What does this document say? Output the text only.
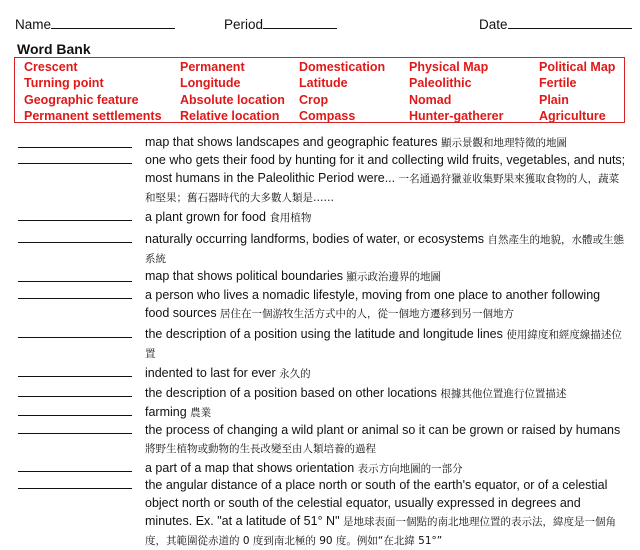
Name	Period	Date
Word Bank
Crescent
Turning point
Geographic feature
Permanent settlements
Permanent
Longitude
Absolute location
Relative location
Domestication
Latitude
Crop
Compass
Physical Map
Paleolithic
Nomad
Hunter-gatherer
Political Map
Fertile
Plain
Agriculture
map that shows landscapes and geographic features 顯示景觀和地理特徵的地圖
one who gets their food by hunting for it and collecting wild fruits, vegetables, and nuts; most humans in the Paleolithic Period were... 一名通過狩獵並收集野果來獲取食物的人，蔬菜和堅果；舊石器時代的大多數人類是……
a plant grown for food 食用植物
naturally occurring landforms, bodies of water, or ecosystems 自然產生的地貌，水體或生態系統
map that shows political boundaries 顯示政治邊界的地圖
a person who lives a nomadic lifestyle, moving from one place to another following food sources 居住在一個游牧生活方式中的人，從一個地方遷移到另一個地方
the description of a position using the latitude and longitude lines 使用緯度和經度線描述位置
indented to last for ever 永久的
the description of a position based on other locations 根據其他位置進行位置描述
farming 農業
the process of changing a wild plant or animal so it can be grown or raised by humans 將野生植物或動物的生長改變至由人類培養的過程
a part of a map that shows orientation 表示方向地圖的一部分
the angular distance of a place north or south of the earth's equator, or of a celestial object north or south of the celestial equator, usually expressed in degrees and minutes. Ex. "at a latitude of 51° N" 是地球表面一個點的南北地理位置的表示法，緯度是一個角度，其範圍從赤道的 0 度到南北極的 90 度。例如“在北緯 51°”
